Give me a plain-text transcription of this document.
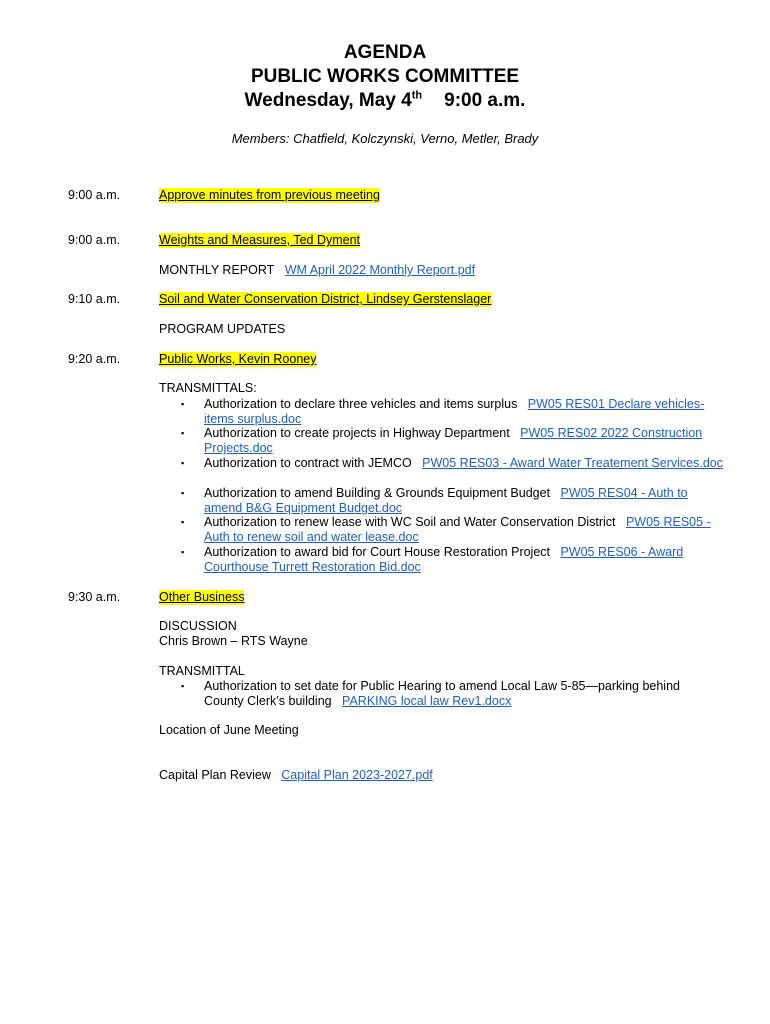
AGENDA
PUBLIC WORKS COMMITTEE
Wednesday, May 4th 9:00 a.m.
Members: Chatfield, Kolczynski, Verno, Metler, Brady
9:00 a.m.	Approve minutes from previous meeting
9:00 a.m.	Weights and Measures, Ted Dyment
MONTHLY REPORT WM April 2022 Monthly Report.pdf
9:10 a.m.	Soil and Water Conservation District, Lindsey Gerstenslager
PROGRAM UPDATES
9:20 a.m.	Public Works, Kevin Rooney
TRANSMITTALS:
▪ Authorization to declare three vehicles and items surplus PW05 RES01 Declare vehicles-items surplus.doc
▪ Authorization to create projects in Highway Department PW05 RES02 2022 Construction Projects.doc
▪ Authorization to contract with JEMCO PW05 RES03 - Award Water Treatement Services.doc
▪ Authorization to amend Building & Grounds Equipment Budget PW05 RES04 - Auth to amend B&G Equipment Budget.doc
▪ Authorization to renew lease with WC Soil and Water Conservation District PW05 RES05 - Auth to renew soil and water lease.doc
▪ Authorization to award bid for Court House Restoration Project PW05 RES06 - Award Courthouse Turrett Restoration Bid.doc
9:30 a.m.	Other Business
DISCUSSION
Chris Brown – RTS Wayne
TRANSMITTAL
▪ Authorization to set date for Public Hearing to amend Local Law 5-85—parking behind County Clerk’s building PARKING local law Rev1.docx
Location of June Meeting
Capital Plan Review Capital Plan 2023-2027.pdf
